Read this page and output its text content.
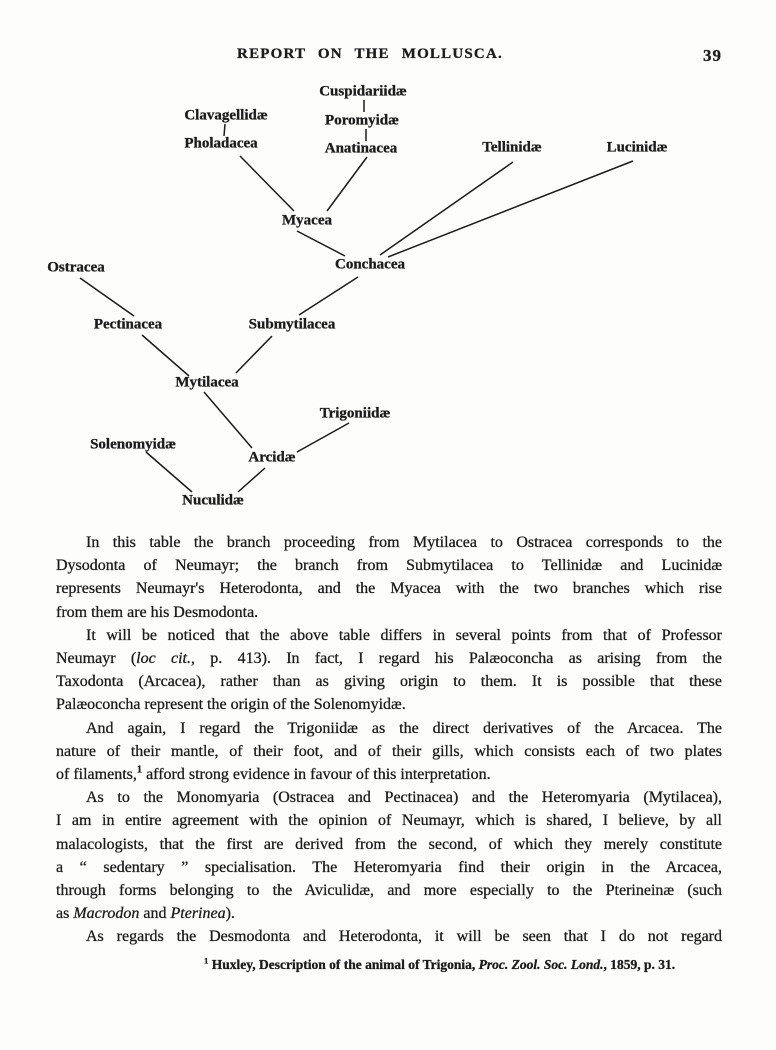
REPORT ON THE MOLLUSCA.	39
Cuspidariidæ
Poromyidæ
Anatinacea
Clavagellidæ
Pholadacea	Tellinidæ	Lucinidæ
Myacea
Conchacea
Ostracea
Pectinacea	Submytilacea
Mytilacea
Trigoniidæ
Solenomyidæ
Arcidæ
Nuculidæ
In this table the branch proceeding from Mytilacea to Ostracea corresponds to the
Dysodonta of Neumayr; the branch from Submytilacea to Tellinidæ and Lucinidæ
represents Neumayr's Heterodonta, and the Myacea with the two branches which rise
from them are his Desmodonta.
It will be noticed that the above table differs in several points from that of Professor
Neumayr (loc cit., p. 413). In fact, I regard his Palæoconcha as arising from the
Taxodonta (Arcacea), rather than as giving origin to them. It is possible that these
Palæoconcha represent the origin of the Solenomyidæ.
And again, I regard the Trigoniidæ as the direct derivatives of the Arcacea. The
nature of their mantle, of their foot, and of their gills, which consists each of two plates
of filaments,$^1$ afford strong evidence in favour of this interpretation.
As to the Monomyaria (Ostracea and Pectinacea) and the Heteromyaria (Mytilacea),
I am in entire agreement with the opinion of Neumayr, which is shared, I believe, by all
malacologists, that the first are derived from the second, of which they merely constitute
a “ sedentary ” specialisation. The Heteromyaria find their origin in the Arcacea,
through forms belonging to the Aviculidæ, and more especially to the Pterineinæ (such
as Macrodon and Pterinea).
As regards the Desmodonta and Heterodonta, it will be seen that I do not regard
$^1$ Huxley, Description of the animal of Trigonia, Proc. Zool. Soc. Lond., 1859, p. 31.
